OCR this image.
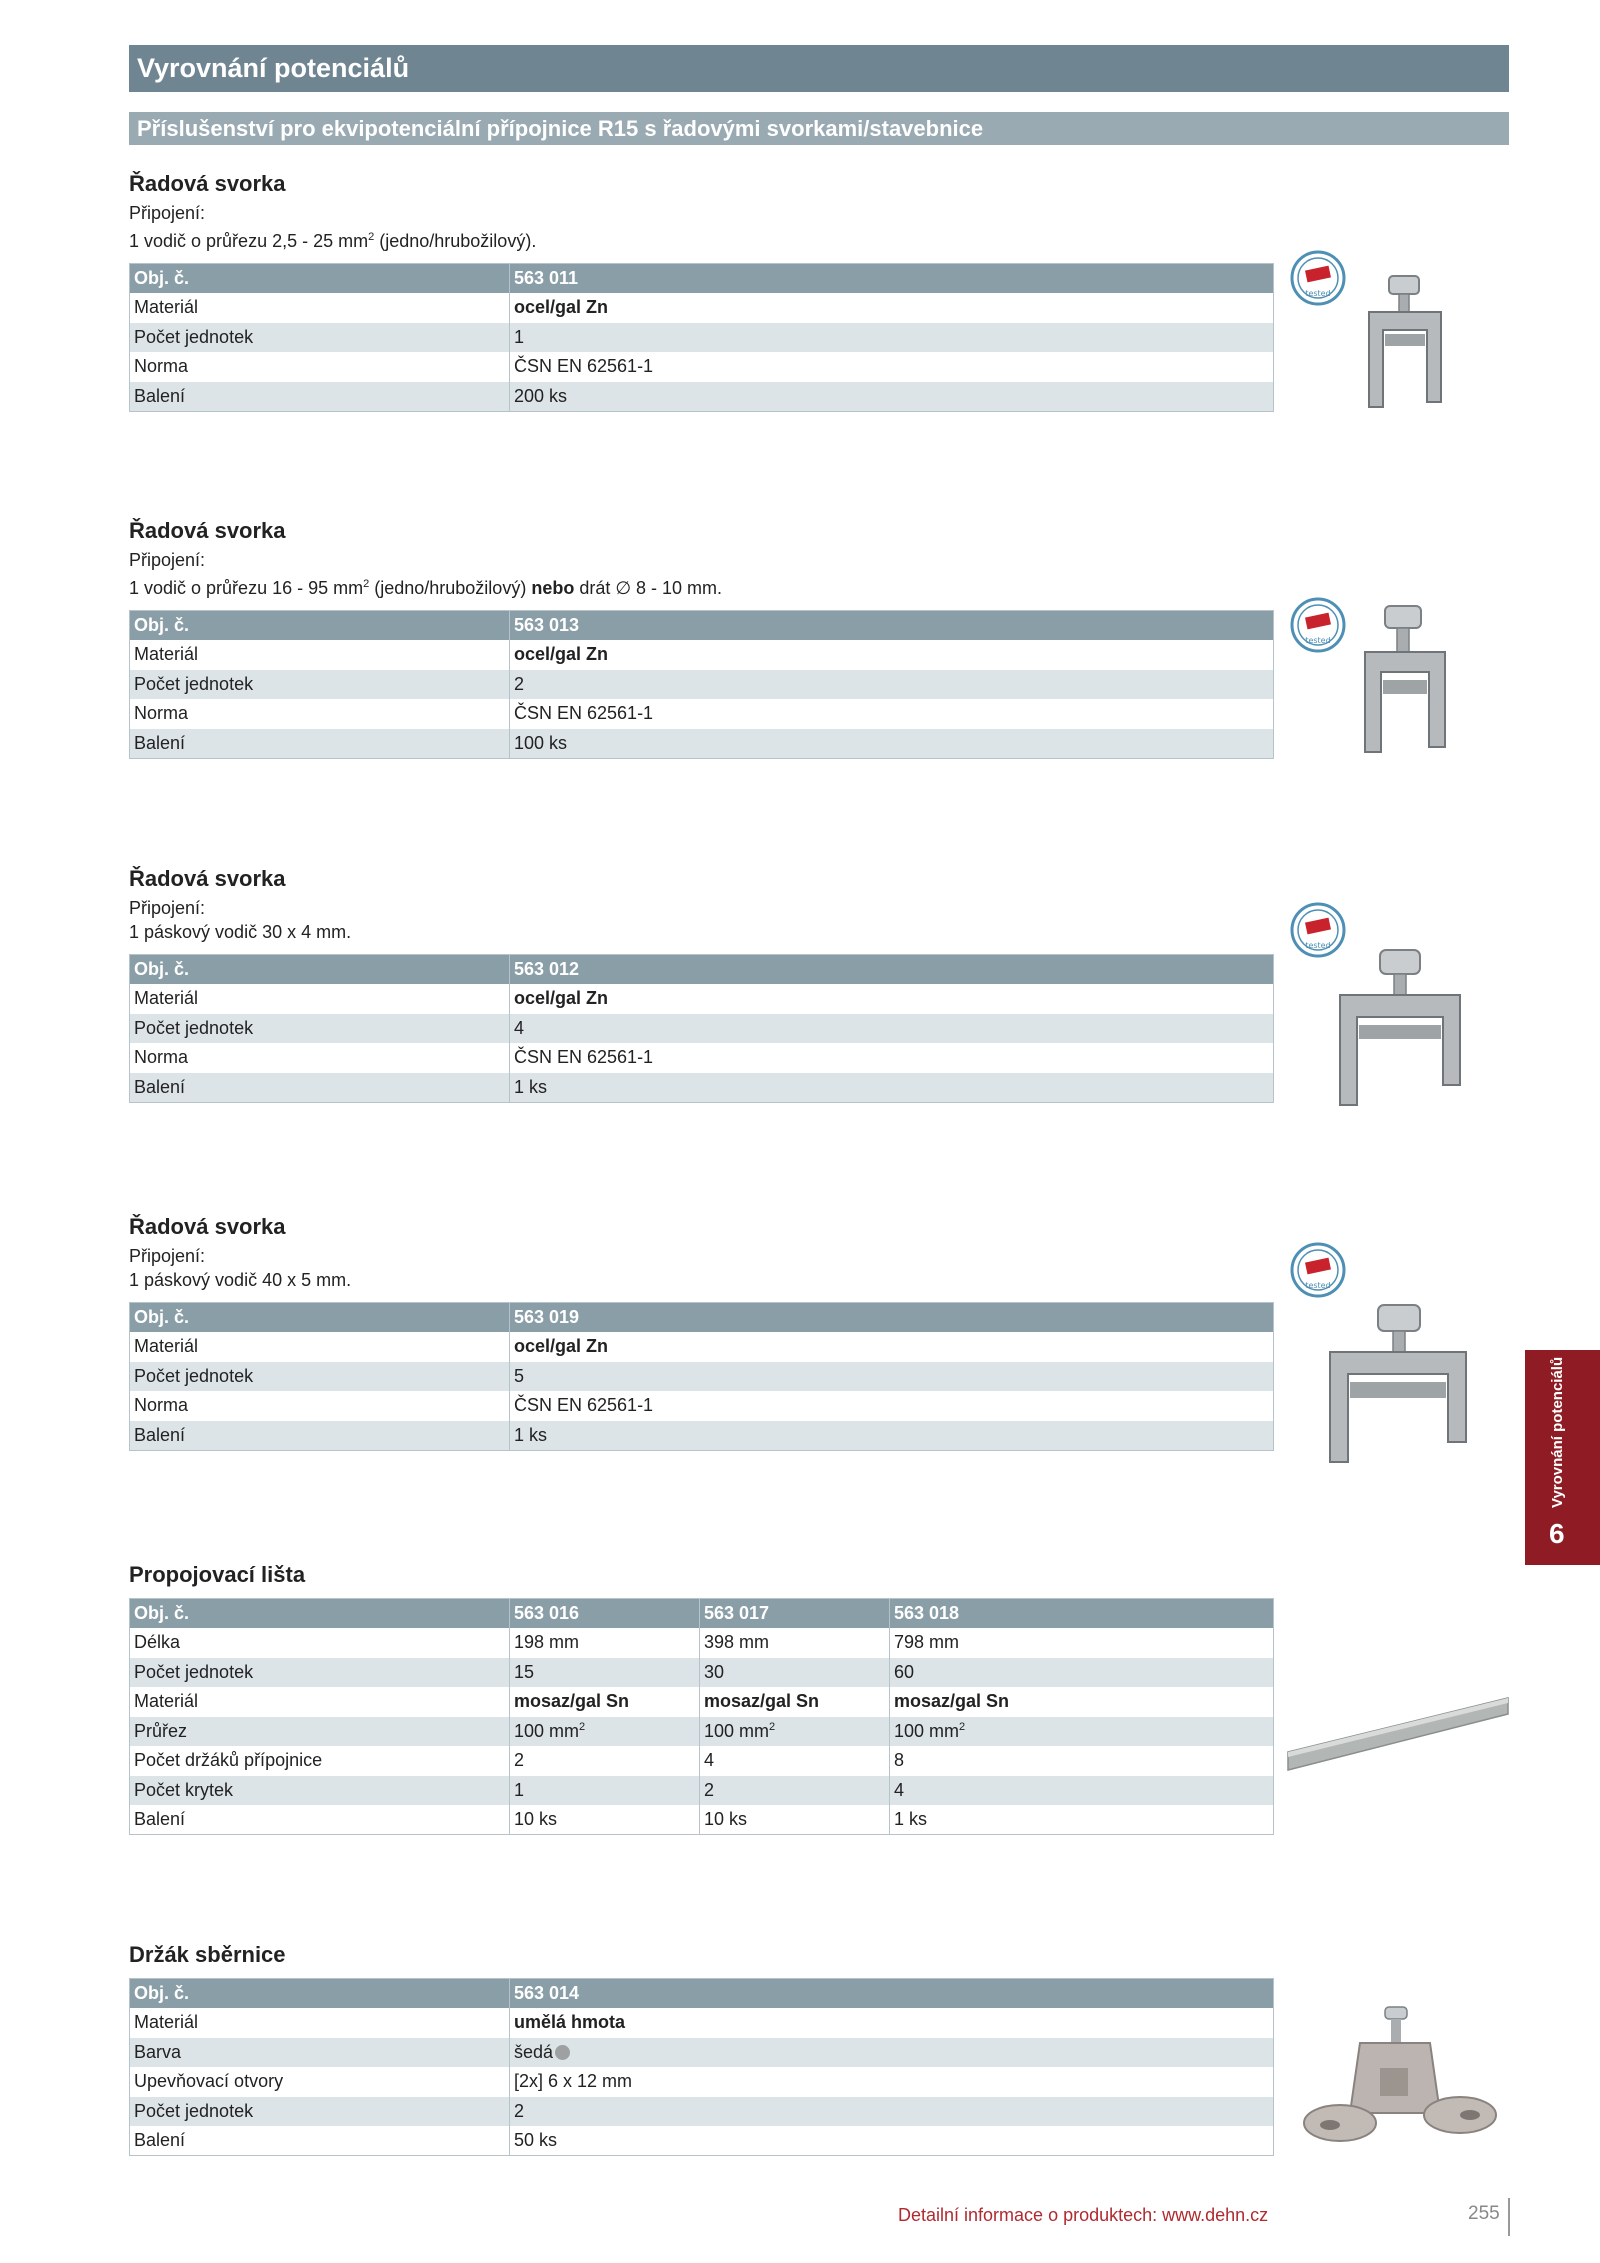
Vyrovnání potenciálů
Příslušenství pro ekvipotenciální přípojnice R15 s řadovými svorkami/stavebnice
Řadová svorka
Připojení:
1 vodič o průřezu 2,5 - 25 $mm^2$ (jedno/hrubožilový).
Obj. č.	563 011
Materiál	ocel/gal Zn
Počet jednotek	1
Norma	ČSN EN 62561-1
Balení	200 ks
Řadová svorka
Připojení:
1 vodič o průřezu 16 - 95 $mm^2$ (jedno/hrubožilový) nebo drát ∅ 8 - 10 mm.
Obj. č.	563 013
Materiál	ocel/gal Zn
Počet jednotek	2
Norma	ČSN EN 62561-1
Balení	100 ks
Řadová svorka
Připojení:
1 páskový vodič 30 x 4 mm.
Obj. č.	563 012
Materiál	ocel/gal Zn
Počet jednotek	4
Norma	ČSN EN 62561-1
Balení	1 ks
Řadová svorka
Připojení:
1 páskový vodič 40 x 5 mm.
Obj. č.	563 019
Materiál	ocel/gal Zn
Počet jednotek	5
Norma	ČSN EN 62561-1
Balení	1 ks
Propojovací lišta
Obj. č.	563 016	563 017	563 018
Délka	198 mm	398 mm	798 mm
Počet jednotek	15	30	60
Materiál	mosaz/gal Sn	mosaz/gal Sn	mosaz/gal Sn
Průřez	100 $mm^2$	100 $mm^2$	100 $mm^2$
Počet držáků přípojnice	2	4	8
Počet krytek	1	2	4
Balení	10 ks	10 ks	1 ks
Držák sběrnice
Obj. č.	563 014
Materiál	umělá hmota
Barva	šedá
Upevňovací otvory	[2x] 6 x 12 mm
Počet jednotek	2
Balení	50 ks
tested
tested
tested
tested
Vyrovnání potenciálů
6
Detailní informace o produktech: www.dehn.cz	255
